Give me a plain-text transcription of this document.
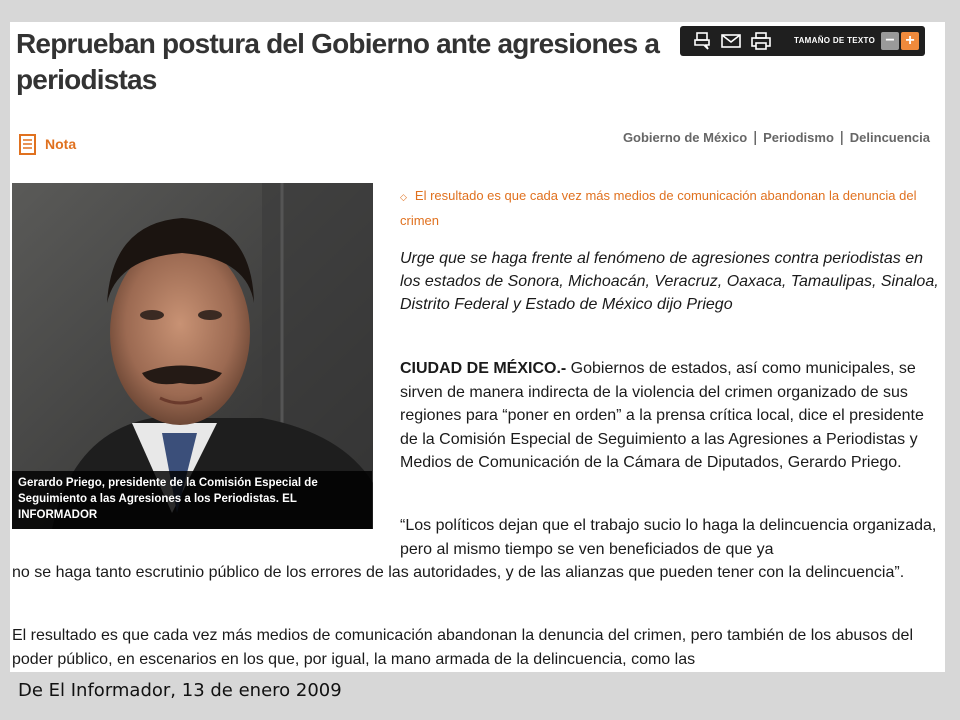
Reprueban postura del Gobierno ante agresiones a periodistas
TAMAÑO DE TEXTO − +
Nota	Gobierno de México | Periodismo | Delincuencia
Gerardo Priego, presidente de la Comisión Especial de Seguimiento a las Agresiones a los Periodistas. EL INFORMADOR
◇ El resultado es que cada vez más medios de comunicación abandonan la denuncia del crimen
Urge que se haga frente al fenómeno de agresiones contra periodistas en los estados de Sonora, Michoacán, Veracruz, Oaxaca, Tamaulipas, Sinaloa, Distrito Federal y Estado de México dijo Priego
CIUDAD DE MÉXICO.- Gobiernos de estados, así como municipales, se sirven de manera indirecta de la violencia del crimen organizado de sus regiones para “poner en orden” a la prensa crítica local, dice el presidente de la Comisión Especial de Seguimiento a las Agresiones a Periodistas y Medios de Comunicación de la Cámara de Diputados, Gerardo Priego.
“Los políticos dejan que el trabajo sucio lo haga la delincuencia organizada, pero al mismo tiempo se ven beneficiados de que ya
no se haga tanto escrutinio público de los errores de las autoridades, y de las alianzas que pueden tener con la delincuencia”.
El resultado es que cada vez más medios de comunicación abandonan la denuncia del crimen, pero también de los abusos del poder público, en escenarios en los que, por igual, la mano armada de la delincuencia, como las
De El Informador, 13 de enero 2009
